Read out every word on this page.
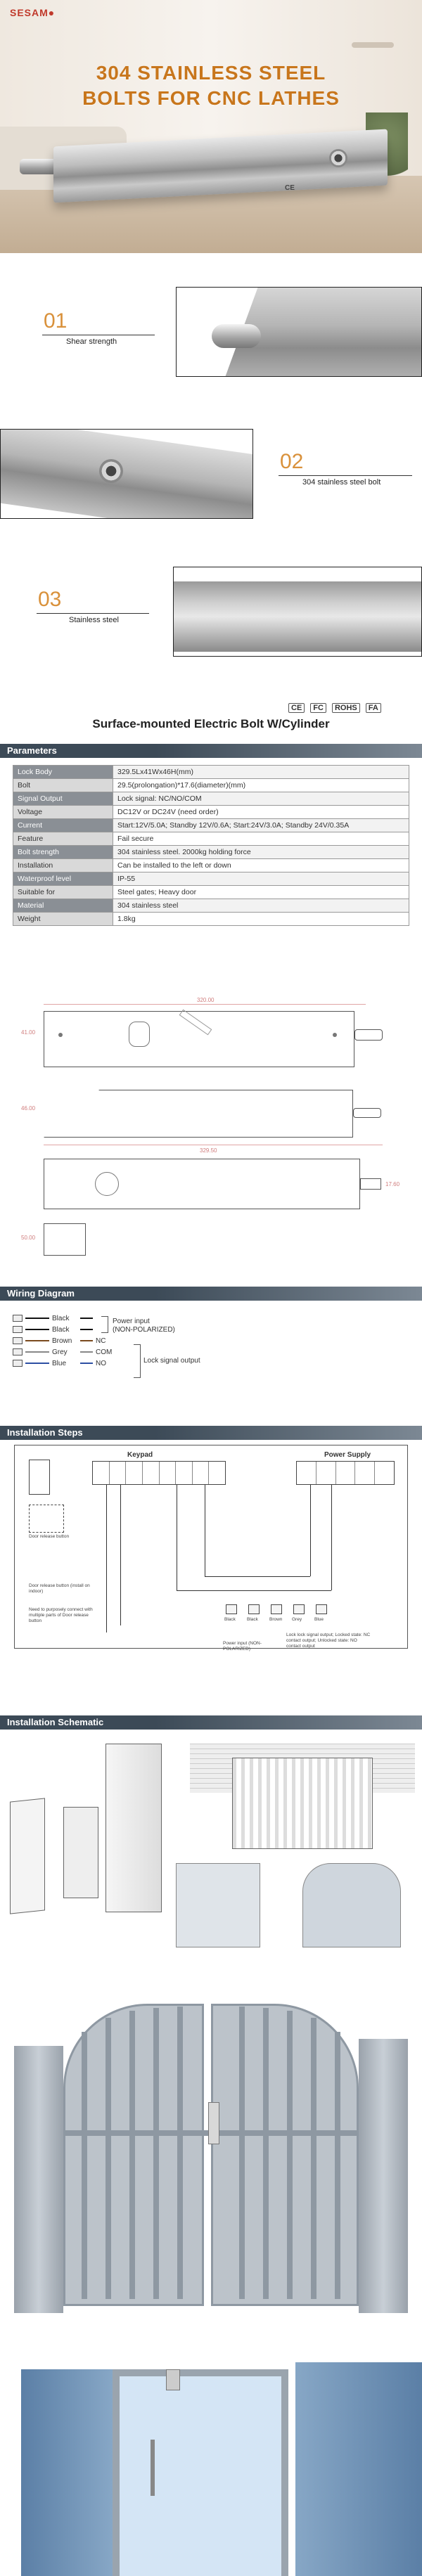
SESAM●
304 STAINLESS STEEL
BOLTS FOR CNC LATHES
CE
01
Shear strength
02
304 stainless steel bolt
03
Stainless steel
CE	FC	ROHS	FA
Surface-mounted Electric Bolt W/Cylinder
Parameters
Lock Body	329.5Lx41Wx46H(mm)
Bolt	29.5(prolongation)*17.6(diameter)(mm)
Signal Output	Lock signal: NC/NO/COM
Voltage	DC12V or DC24V (need order)
Current	Start:12V/5.0A; Standby 12V/0.6A; Start:24V/3.0A; Standby 24V/0.35A
Feature	Fail secure
Bolt strength	304 stainless steel. 2000kg holding force
Installation	Can be installed to the left or down
Waterproof level	IP-55
Suitable for	Steel gates; Heavy door
Material	304 stainless steel
Weight	1.8kg
320.00
41.00
46.00
329.50
17.60
50.00
Wiring Diagram
Black
Black
Brown	NC
Grey	COM
Blue	NO
Power input
(NON-POLARIZED)
Lock signal output
Installation Steps
Keypad	Power Supply
Door release button
Door release button (install on indoor)
Need to purposely connect with multiple parts of Door release button	Black Black Brown Grey	Blue
Power input (NON-POLARIZED)
Lock lock signal output; Locked state: NC contact output; Unlocked state: NO contact output
Installation Schematic
